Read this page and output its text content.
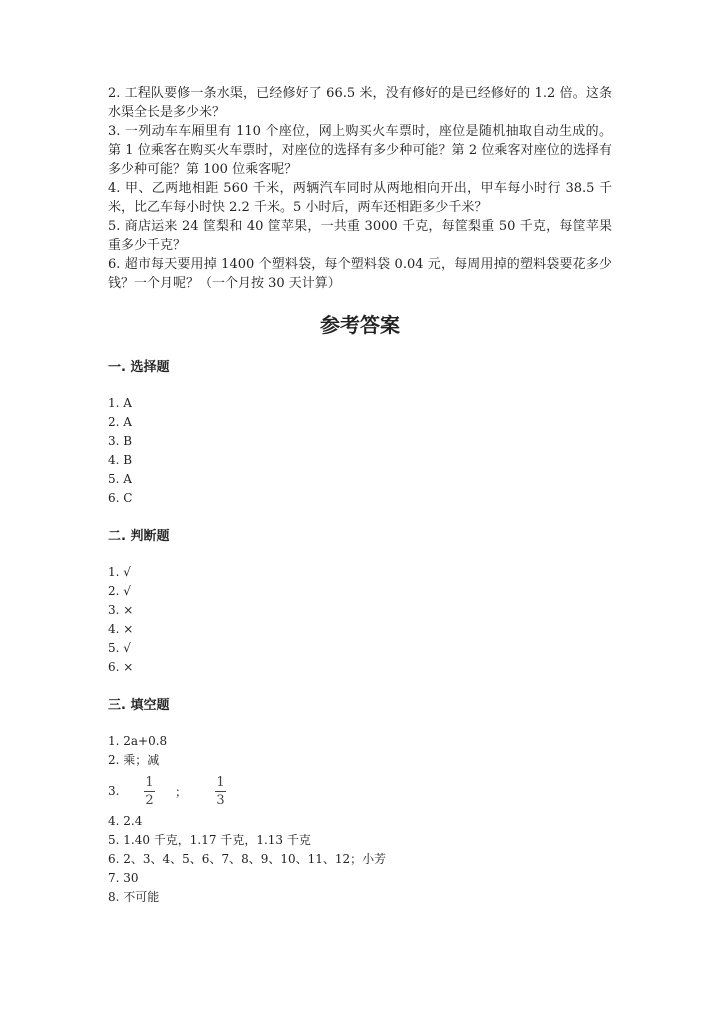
2. 工程队要修一条水渠，已经修好了 66.5 米，没有修好的是已经修好的 1.2 倍。这条水渠全长是多少米？

3. 一列动车车厢里有 110 个座位，网上购买火车票时，座位是随机抽取自动生成的。第 1 位乘客在购买火车票时，对座位的选择有多少种可能？第 2 位乘客对座位的选择有多少种可能？第 100 位乘客呢？

4. 甲、乙两地相距 560 千米，两辆汽车同时从两地相向开出，甲车每小时行 38.5 千米，比乙车每小时快 2.2 千米。5 小时后，两车还相距多少千米？

5. 商店运来 24 筐梨和 40 筐苹果，一共重 3000 千克，每筐梨重 50 千克，每筐苹果重多少千克？

6. 超市每天要用掉 1400 个塑料袋，每个塑料袋 0.04 元，每周用掉的塑料袋要花多少钱？一个月呢？（一个月按 30 天计算）

参考答案
一. 选择题

1. A

2. A

3. B

4. B

5. A

6. C

二. 判断题

1. √

2. √

3. ×

4. ×

5. √

6. ×

三. 填空题

1. 2a+0.8

2. 乘；减

3.	$\frac{1}{2}$ ；	$\frac{1}{3}$

4. 2.4

5. 1.40 千克，1.17 千克，1.13 千克

6. 2、3、4、5、6、7、8、9、10、11、12；小芳

7. 30

8. 不可能
